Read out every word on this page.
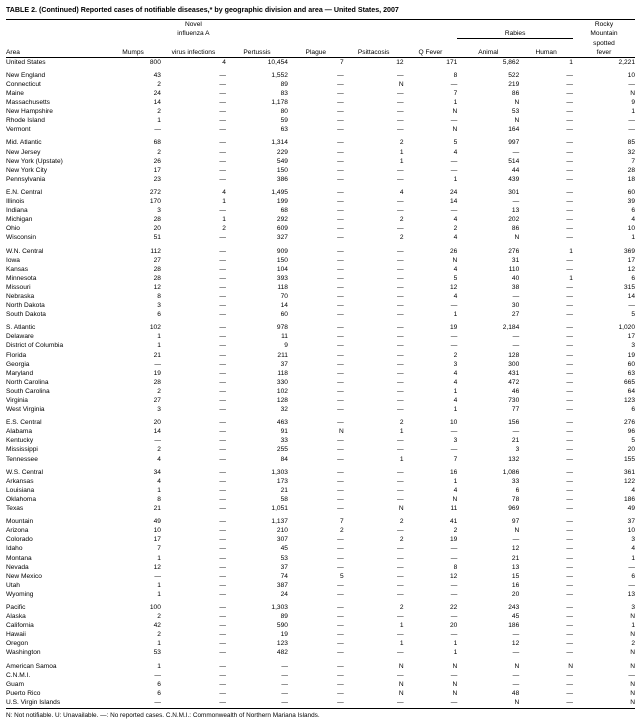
TABLE 2. (Continued) Reported cases of notifiable diseases,* by geographic division and area — United States, 2007
		Novel							Rocky
		influenza A					Rabies		Mountain
									spotted
Area	Mumps	virus infections	Pertussis	Plague	Psittacosis	Q Fever	Animal	Human	fever
United States	800	4	10,454	7	12	171	5,862	1	2,221

New England	43	—	1,552	—	—	8	522	—	10
Connecticut	2	—	89	—	N	—	219	—	—
Maine	24	—	83	—	—	7	86	—	N
Massachusetts	14	—	1,178	—	—	1	N	—	9
New Hampshire	2	—	80	—	—	N	53	—	1
Rhode Island	1	—	59	—	—	—	N	—	—
Vermont	—	—	63	—	—	N	164	—	—

Mid. Atlantic	68	—	1,314	—	2	5	997	—	85
New Jersey	2	—	229	—	1	4	—	—	32
New York (Upstate)	26	—	549	—	1	—	514	—	7
New York City	17	—	150	—	—	—	44	—	28
Pennsylvania	23	—	386	—	—	1	439	—	18

E.N. Central	272	4	1,495	—	4	24	301	—	60
Illinois	170	1	199	—	—	14	—	—	39
Indiana	3	—	68	—	—	—	13	—	6
Michigan	28	1	292	—	2	4	202	—	4
Ohio	20	2	609	—	—	2	86	—	10
Wisconsin	51	—	327	—	2	4	N	—	1

W.N. Central	112	—	909	—	—	26	276	1	369
Iowa	27	—	150	—	—	N	31	—	17
Kansas	28	—	104	—	—	4	110	—	12
Minnesota	28	—	393	—	—	5	40	1	6
Missouri	12	—	118	—	—	12	38	—	315
Nebraska	8	—	70	—	—	4	—	—	14
North Dakota	3	—	14	—	—	—	30	—	—
South Dakota	6	—	60	—	—	1	27	—	5

S. Atlantic	102	—	978	—	—	19	2,184	—	1,020
Delaware	1	—	11	—	—	—	—	—	17
District of Columbia	1	—	9	—	—	—	—	—	3
Florida	21	—	211	—	—	2	128	—	19
Georgia	—	—	37	—	—	3	300	—	60
Maryland	19	—	118	—	—	4	431	—	63
North Carolina	28	—	330	—	—	4	472	—	665
South Carolina	2	—	102	—	—	1	46	—	64
Virginia	27	—	128	—	—	4	730	—	123
West Virginia	3	—	32	—	—	1	77	—	6

E.S. Central	20	—	463	—	2	10	156	—	276
Alabama	14	—	91	N	1	—	—	—	96
Kentucky	—	—	33	—	—	3	21	—	5
Mississippi	2	—	255	—	—	—	3	—	20
Tennessee	4	—	84	—	1	7	132	—	155

W.S. Central	34	—	1,303	—	—	16	1,086	—	361
Arkansas	4	—	173	—	—	1	33	—	122
Louisiana	1	—	21	—	—	4	6	—	4
Oklahoma	8	—	58	—	—	N	78	—	186
Texas	21	—	1,051	—	N	11	969	—	49

Mountain	49	—	1,137	7	2	41	97	—	37
Arizona	10	—	210	2	—	2	N	—	10
Colorado	17	—	307	—	2	19	—	—	3
Idaho	7	—	45	—	—	—	12	—	4
Montana	1	—	53	—	—	—	21	—	1
Nevada	12	—	37	—	—	8	13	—	—
New Mexico	—	—	74	5	—	12	15	—	6
Utah	1	—	387	—	—	—	16	—	—
Wyoming	1	—	24	—	—	—	20	—	13

Pacific	100	—	1,303	—	2	22	243	—	3
Alaska	2	—	89	—	—	—	45	—	N
California	42	—	590	—	1	20	186	—	1
Hawaii	2	—	19	—	—	—	—	—	N
Oregon	1	—	123	—	1	1	12	—	2
Washington	53	—	482	—	—	1	—	—	N

American Samoa	1	—	—	—	N	N	N	N	N
C.N.M.I.	—	—	—	—	—	—	—	—	—
Guam	6	—	—	—	N	N	—	—	N
Puerto Rico	6	—	—	—	N	N	48	—	N
U.S. Virgin Islands	—	—	—	—	—	—	N	—	N
N: Not notifiable. U: Unavailable. —: No reported cases. C.N.M.I.: Commonwealth of Northern Mariana Islands.
